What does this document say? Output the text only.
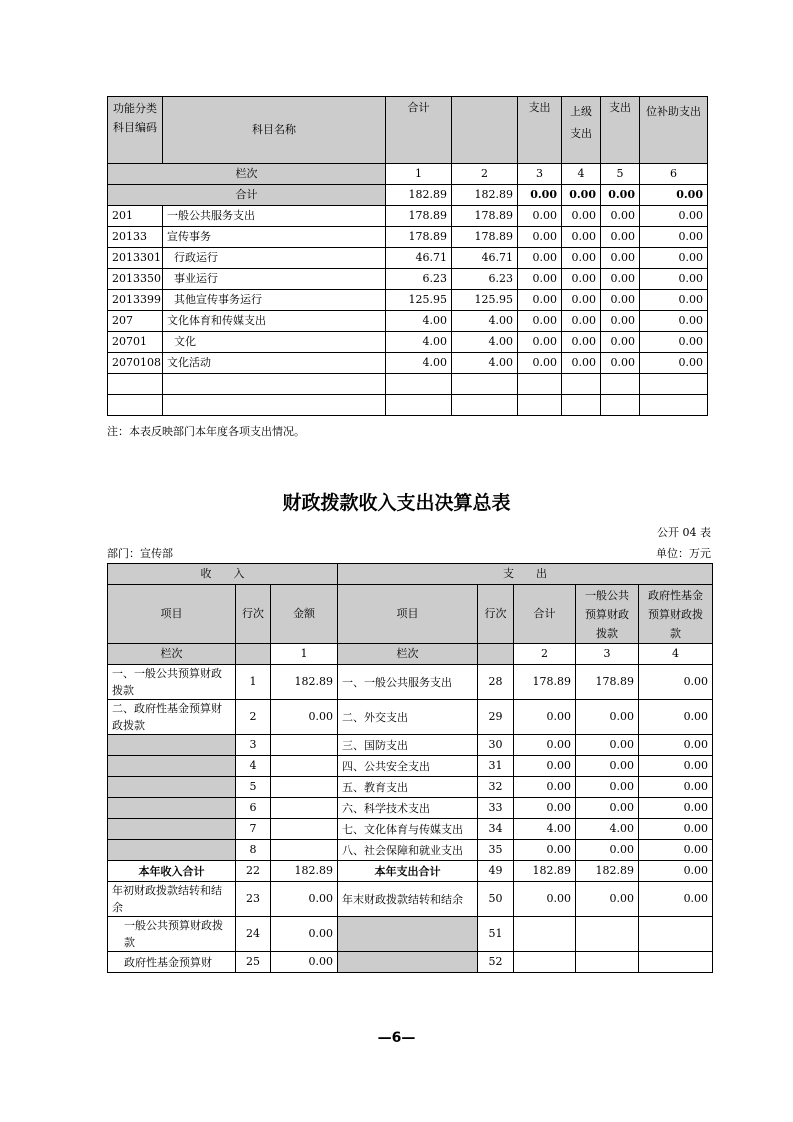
功能分类科目编码	科目名称	合计		支出	上级支出	支出	位补助支出
栏次		1	2	3	4	5	6
合计		182.89	182.89	0.00	0.00	0.00	0.00
201	一般公共服务支出	178.89	178.89	0.00	0.00	0.00	0.00
20133	宣传事务	178.89	178.89	0.00	0.00	0.00	0.00
2013301	行政运行	46.71	46.71	0.00	0.00	0.00	0.00
2013350	事业运行	6.23	6.23	0.00	0.00	0.00	0.00
2013399	其他宣传事务运行	125.95	125.95	0.00	0.00	0.00	0.00
207	文化体育和传媒支出	4.00	4.00	0.00	0.00	0.00	0.00
20701	文化	4.00	4.00	0.00	0.00	0.00	0.00
2070108	文化活动	4.00	4.00	0.00	0.00	0.00	0.00

注：本表反映部门本年度各项支出情况。
财政拨款收入支出决算总表
公开 04 表
部门：宣传部	单位：万元
收　　入			支　　出				
项目	行次	金额	项目	行次	合计	一般公共预算财政拨款	政府性基金预算财政拨款
栏次		1	栏次		2	3	4
一、一般公共预算财政拨款	1	182.89	一、一般公共服务支出	28	178.89	178.89	0.00
二、政府性基金预算财政拨款	2	0.00	二、外交支出	29	0.00	0.00	0.00
	3		三、国防支出	30	0.00	0.00	0.00
	4		四、公共安全支出	31	0.00	0.00	0.00
	5		五、教育支出	32	0.00	0.00	0.00
	6		六、科学技术支出	33	0.00	0.00	0.00
	7		七、文化体育与传媒支出	34	4.00	4.00	0.00
	8		八、社会保障和就业支出	35	0.00	0.00	0.00
本年收入合计	22	182.89	本年支出合计	49	182.89	182.89	0.00
年初财政拨款结转和结余	23	0.00	年末财政拨款结转和结余	50	0.00	0.00	0.00
一般公共预算财政拨款	24	0.00		51			
政府性基金预算财	25	0.00		52			
—6—
